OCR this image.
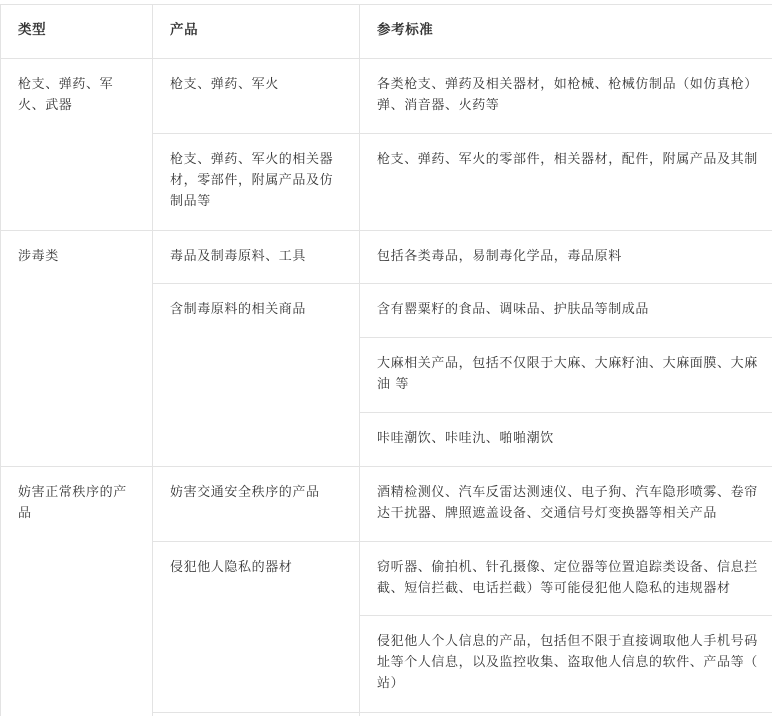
类型	产品	参考标准
枪支、弹药、军
火、武器
涉毒类
妨害正常秩序的产
品
枪支、弹药、军火
枪支、弹药、军火的相关器
材，零部件，附属产品及仿
制品等
毒品及制毒原料、工具
含制毒原料的相关商品
妨害交通安全秩序的产品
侵犯他人隐私的器材
各类枪支、弹药及相关器材，如枪械、枪械仿制品（如仿真枪）
弹、消音器、火药等
枪支、弹药、军火的零部件，相关器材，配件，附属产品及其制
包括各类毒品，易制毒化学品，毒品原料
含有罂粟籽的食品、调味品、护肤品等制成品
大麻相关产品，包括不仅限于大麻、大麻籽油、大麻面膜、大麻
油 等
咔哇潮饮、咔哇氿、啪啪潮饮
酒精检测仪、汽车反雷达测速仪、电子狗、汽车隐形喷雾、卷帘
达干扰器、牌照遮盖设备、交通信号灯变换器等相关产品
窃听器、偷拍机、针孔摄像、定位器等位置追踪类设备、信息拦
截、短信拦截、电话拦截）等可能侵犯他人隐私的违规器材
侵犯他人个人信息的产品，包括但不限于直接调取他人手机号码
址等个人信息，以及监控收集、盗取他人信息的软件、产品等（
站）
